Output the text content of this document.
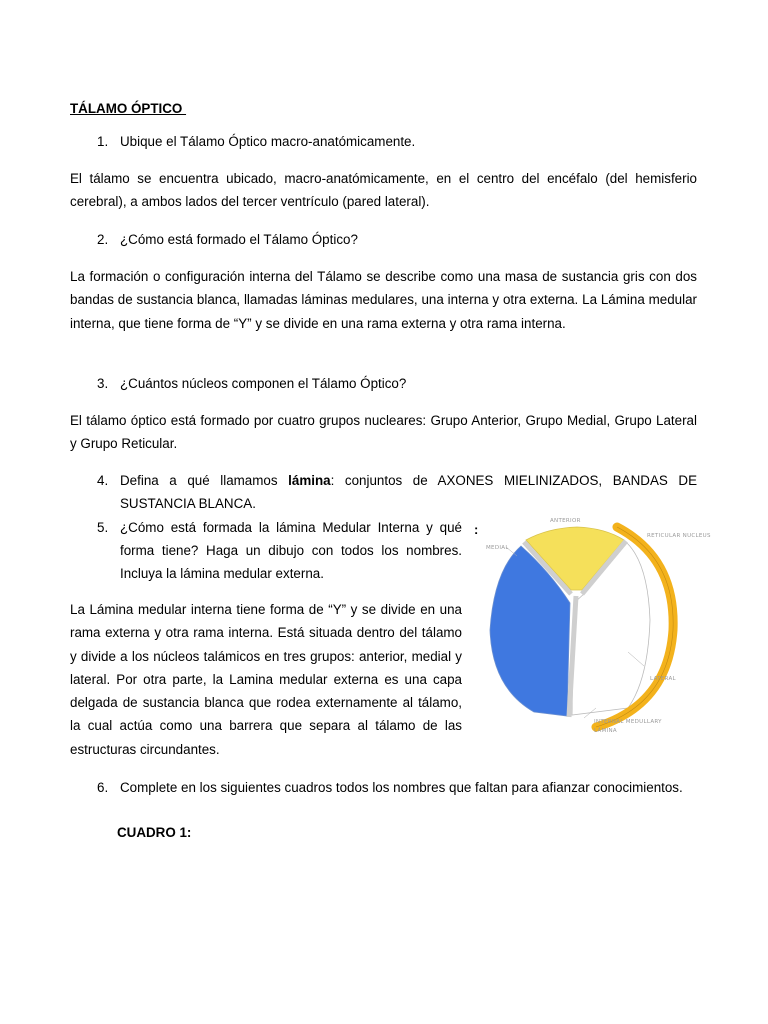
TÁLAMO ÓPTICO
1. Ubique el Tálamo Óptico macro-anatómicamente.
El tálamo se encuentra ubicado, macro-anatómicamente, en el centro del encéfalo (del hemisferio cerebral), a ambos lados del tercer ventrículo (pared lateral).
2. ¿Cómo está formado el Tálamo Óptico?
La formación o configuración interna del Tálamo se describe como una masa de sustancia gris con dos bandas de sustancia blanca, llamadas láminas medulares, una interna y otra externa. La Lámina medular interna, que tiene forma de “Y” y se divide en una rama externa y otra rama interna.
3. ¿Cuántos núcleos componen el Tálamo Óptico?
El tálamo óptico está formado por cuatro grupos nucleares: Grupo Anterior, Grupo Medial, Grupo Lateral y Grupo Reticular.
4. Defina a qué llamamos lámina: conjuntos de AXONES MIELINIZADOS, BANDAS DE SUSTANCIA BLANCA.
5. ¿Cómo está formada la lámina Medular Interna y qué forma tiene? Haga un dibujo con todos los nombres. Incluya la lámina medular externa.
:
La Lámina medular interna tiene forma de “Y” y se divide en una rama externa y otra rama interna. Está situada dentro del tálamo y divide a los núcleos talámicos en tres grupos: anterior, medial y lateral. Por otra parte, la Lamina medular externa es una capa delgada de sustancia blanca que rodea externamente al tálamo, la cual actúa como una barrera que separa al tálamo de las estructuras circundantes.
ANTERIOR
MEDIAL
RETICULAR NUCLEUS
LATERAL
INTERNAL MEDULLARY
LÁMINA
6. Complete en los siguientes cuadros todos los nombres que faltan para afianzar conocimientos.
CUADRO 1:
